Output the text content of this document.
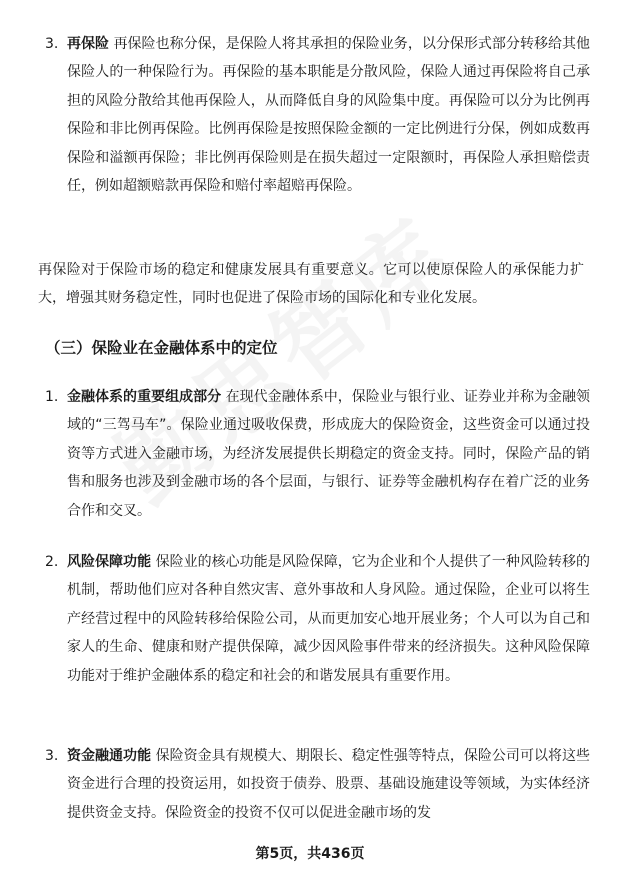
3. 再保险 再保险也称分保，是保险人将其承担的保险业务，以分保形式部分转移给其他保险人的一种保险行为。再保险的基本职能是分散风险，保险人通过再保险将自己承担的风险分散给其他再保险人，从而降低自身的风险集中度。再保险可以分为比例再保险和非比例再保险。比例再保险是按照保险金额的一定比例进行分保，例如成数再保险和溢额再保险；非比例再保险则是在损失超过一定限额时，再保险人承担赔偿责任，例如超额赔款再保险和赔付率超赔再保险。
再保险对于保险市场的稳定和健康发展具有重要意义。它可以使原保险人的承保能力扩大，增强其财务稳定性，同时也促进了保险市场的国际化和专业化发展。
（三）保险业在金融体系中的定位
1. 金融体系的重要组成部分 在现代金融体系中，保险业与银行业、证券业并称为金融领域的“三驾马车”。保险业通过吸收保费，形成庞大的保险资金，这些资金可以通过投资等方式进入金融市场，为经济发展提供长期稳定的资金支持。同时，保险产品的销售和服务也涉及到金融市场的各个层面，与银行、证券等金融机构存在着广泛的业务合作和交叉。
2. 风险保障功能 保险业的核心功能是风险保障，它为企业和个人提供了一种风险转移的机制，帮助他们应对各种自然灾害、意外事故和人身风险。通过保险，企业可以将生产经营过程中的风险转移给保险公司，从而更加安心地开展业务；个人可以为自己和家人的生命、健康和财产提供保障，减少因风险事件带来的经济损失。这种风险保障功能对于维护金融体系的稳定和社会的和谐发展具有重要作用。
3. 资金融通功能 保险资金具有规模大、期限长、稳定性强等特点，保险公司可以将这些资金进行合理的投资运用，如投资于债券、股票、基础设施建设等领域，为实体经济提供资金支持。保险资金的投资不仅可以促进金融市场的发
第5页，共436页
